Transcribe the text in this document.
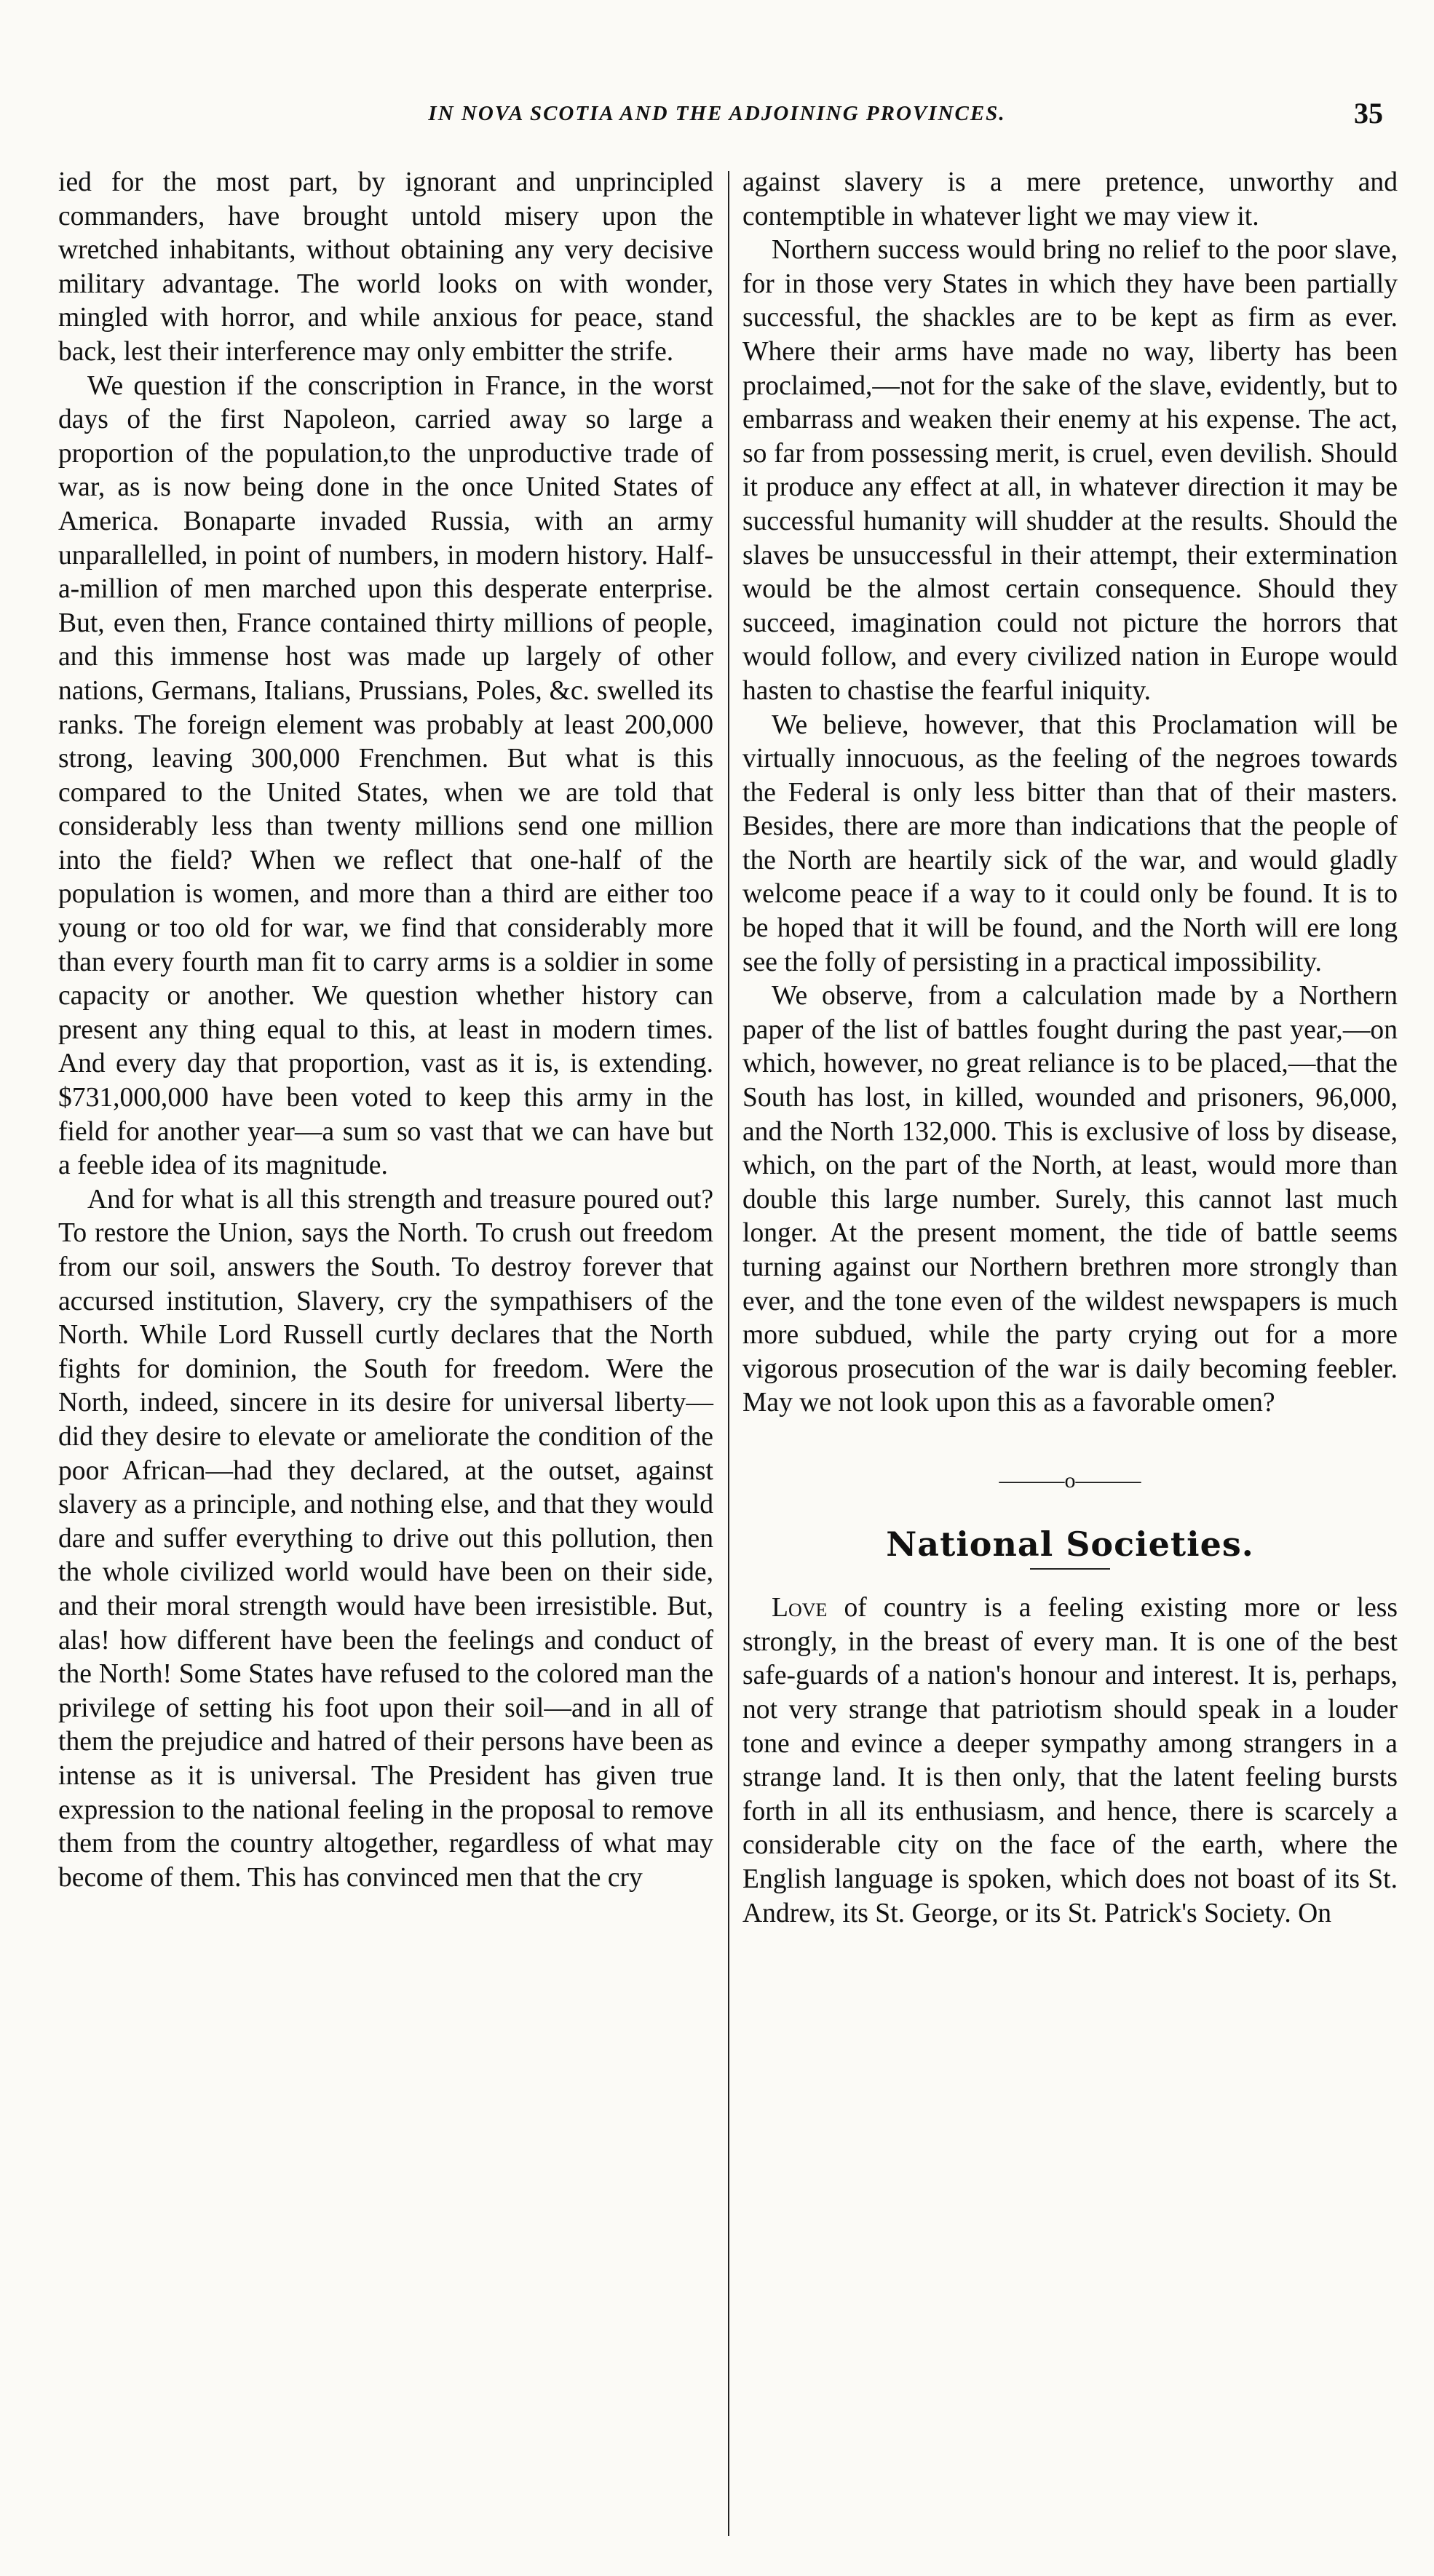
IN NOVA SCOTIA AND THE ADJOINING PROVINCES.	35

ied for the most part, by ignorant and unprincipled commanders, have brought untold misery upon the wretched inhabitants, without obtaining any very decisive military advantage. The world looks on with wonder, mingled with horror, and while anxious for peace, stand back, lest their interference may only embitter the strife.

We question if the conscription in France, in the worst days of the first Napoleon, carried away so large a proportion of the population,to the unproductive trade of war, as is now being done in the once United States of America. Bonaparte invaded Russia, with an army unparallelled, in point of numbers, in modern history. Half-a-million of men marched upon this desperate enterprise. But, even then, France contained thirty millions of people, and this immense host was made up largely of other nations, Germans, Italians, Prussians, Poles, &c. swelled its ranks. The foreign element was probably at least 200,000 strong, leaving 300,000 Frenchmen. But what is this compared to the United States, when we are told that considerably less than twenty millions send one million into the field? When we reflect that one-half of the population is women, and more than a third are either too young or too old for war, we find that considerably more than every fourth man fit to carry arms is a soldier in some capacity or another. We question whether history can present any thing equal to this, at least in modern times. And every day that proportion, vast as it is, is extending. $731,000,000 have been voted to keep this army in the field for another year—a sum so vast that we can have but a feeble idea of its magnitude.

And for what is all this strength and treasure poured out? To restore the Union, says the North. To crush out freedom from our soil, answers the South. To destroy forever that accursed institution, Slavery, cry the sympathisers of the North. While Lord Russell curtly declares that the North fights for dominion, the South for freedom. Were the North, indeed, sincere in its desire for universal liberty—did they desire to elevate or ameliorate the condition of the poor African—had they declared, at the outset, against slavery as a principle, and nothing else, and that they would dare and suffer everything to drive out this pollution, then the whole civilized world would have been on their side, and their moral strength would have been irresistible. But, alas! how different have been the feelings and conduct of the North! Some States have refused to the colored man the privilege of setting his foot upon their soil—and in all of them the prejudice and hatred of their persons have been as intense as it is universal. The President has given true expression to the national feeling in the proposal to remove them from the country altogether, regardless of what may become of them. This has convinced men that the cry

against slavery is a mere pretence, unworthy and contemptible in whatever light we may view it.

Northern success would bring no relief to the poor slave, for in those very States in which they have been partially successful, the shackles are to be kept as firm as ever. Where their arms have made no way, liberty has been proclaimed,—not for the sake of the slave, evidently, but to embarrass and weaken their enemy at his expense. The act, so far from possessing merit, is cruel, even devilish. Should it produce any effect at all, in whatever direction it may be successful humanity will shudder at the results. Should the slaves be unsuccessful in their attempt, their extermination would be the almost certain consequence. Should they succeed, imagination could not picture the horrors that would follow, and every civilized nation in Europe would hasten to chastise the fearful iniquity.

We believe, however, that this Proclamation will be virtually innocuous, as the feeling of the negroes towards the Federal is only less bitter than that of their masters. Besides, there are more than indications that the people of the North are heartily sick of the war, and would gladly welcome peace if a way to it could only be found. It is to be hoped that it will be found, and the North will ere long see the folly of persisting in a practical impossibility.

We observe, from a calculation made by a Northern paper of the list of battles fought during the past year,—on which, however, no great reliance is to be placed,—that the South has lost, in killed, wounded and prisoners, 96,000, and the North 132,000. This is exclusive of loss by disease, which, on the part of the North, at least, would more than double this large number. Surely, this cannot last much longer. At the present moment, the tide of battle seems turning against our Northern brethren more strongly than ever, and the tone even of the wildest newspapers is much more subdued, while the party crying out for a more vigorous prosecution of the war is daily becoming feebler. May we not look upon this as a favorable omen?

———o———
National Societies.

Love of country is a feeling existing more or less strongly, in the breast of every man. It is one of the best safe-guards of a nation's honour and interest. It is, perhaps, not very strange that patriotism should speak in a louder tone and evince a deeper sympathy among strangers in a strange land. It is then only, that the latent feeling bursts forth in all its enthusiasm, and hence, there is scarcely a considerable city on the face of the earth, where the English language is spoken, which does not boast of its St. Andrew, its St. George, or its St. Patrick's Society. On
